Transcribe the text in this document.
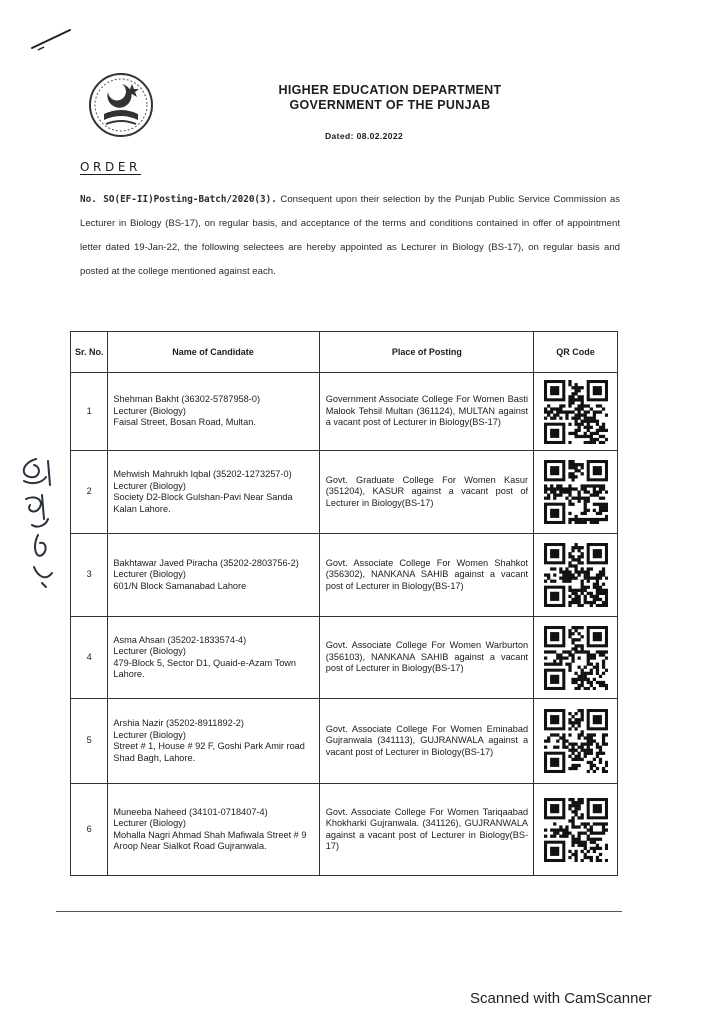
HIGHER EDUCATION DEPARTMENT
GOVERNMENT OF THE PUNJAB
Dated: 08.02.2022
ORDER
No. SO(EF-II)Posting-Batch/2020(3). Consequent upon their selection by the Punjab Public Service Commission as Lecturer in Biology (BS-17), on regular basis, and acceptance of the terms and conditions contained in offer of appointment letter dated 19-Jan-22, the following selectees are hereby appointed as Lecturer in Biology (BS-17), on regular basis and posted at the college mentioned against each.
Sr. No.	Name of Candidate	Place of Posting	QR Code
1	Shehman Bakht (36302-5787958-0)
Lecturer (Biology)
Faisal Street, Bosan Road, Multan.	Government Associate College For Women Basti Malook Tehsil Multan (361124), MULTAN against a vacant post of Lecturer in Biology(BS-17)	

2	Mehwish Mahrukh Iqbal (35202-1273257-0)
Lecturer (Biology)
Society D2-Block Gulshan-Pavi Near Sanda Kalan Lahore.	Govt. Graduate College For Women Kasur (351204), KASUR against a vacant post of Lecturer in Biology(BS-17)	

3	Bakhtawar Javed Piracha (35202-2803756-2)
Lecturer (Biology)
601/N Block Samanabad Lahore	Govt. Associate College For Women Shahkot (356302), NANKANA SAHIB against a vacant post of Lecturer in Biology(BS-17)	

4	Asma Ahsan (35202-1833574-4)
Lecturer (Biology)
479-Block 5, Sector D1, Quaid-e-Azam Town Lahore.	Govt. Associate College For Women Warburton (356103), NANKANA SAHIB against a vacant post of Lecturer in Biology(BS-17)	

5	Arshia Nazir (35202-8911892-2)
Lecturer (Biology)
Street # 1, House # 92 F, Goshi Park Amir road Shad Bagh, Lahore.	Govt. Associate College For Women Eminabad Gujranwala (341113), GUJRANWALA against a vacant post of Lecturer in Biology(BS-17)	

6	Muneeba Naheed (34101-0718407-4)
Lecturer (Biology)
Mohalla Nagri Ahmad Shah Mafiwala Street # 9 Aroop Near Sialkot Road Gujranwala.	Govt. Associate College For Women Tariqaabad Khokharki Gujranwala. (341126), GUJRANWALA against a vacant post of Lecturer in Biology(BS-17)	
Scanned with CamScanner
